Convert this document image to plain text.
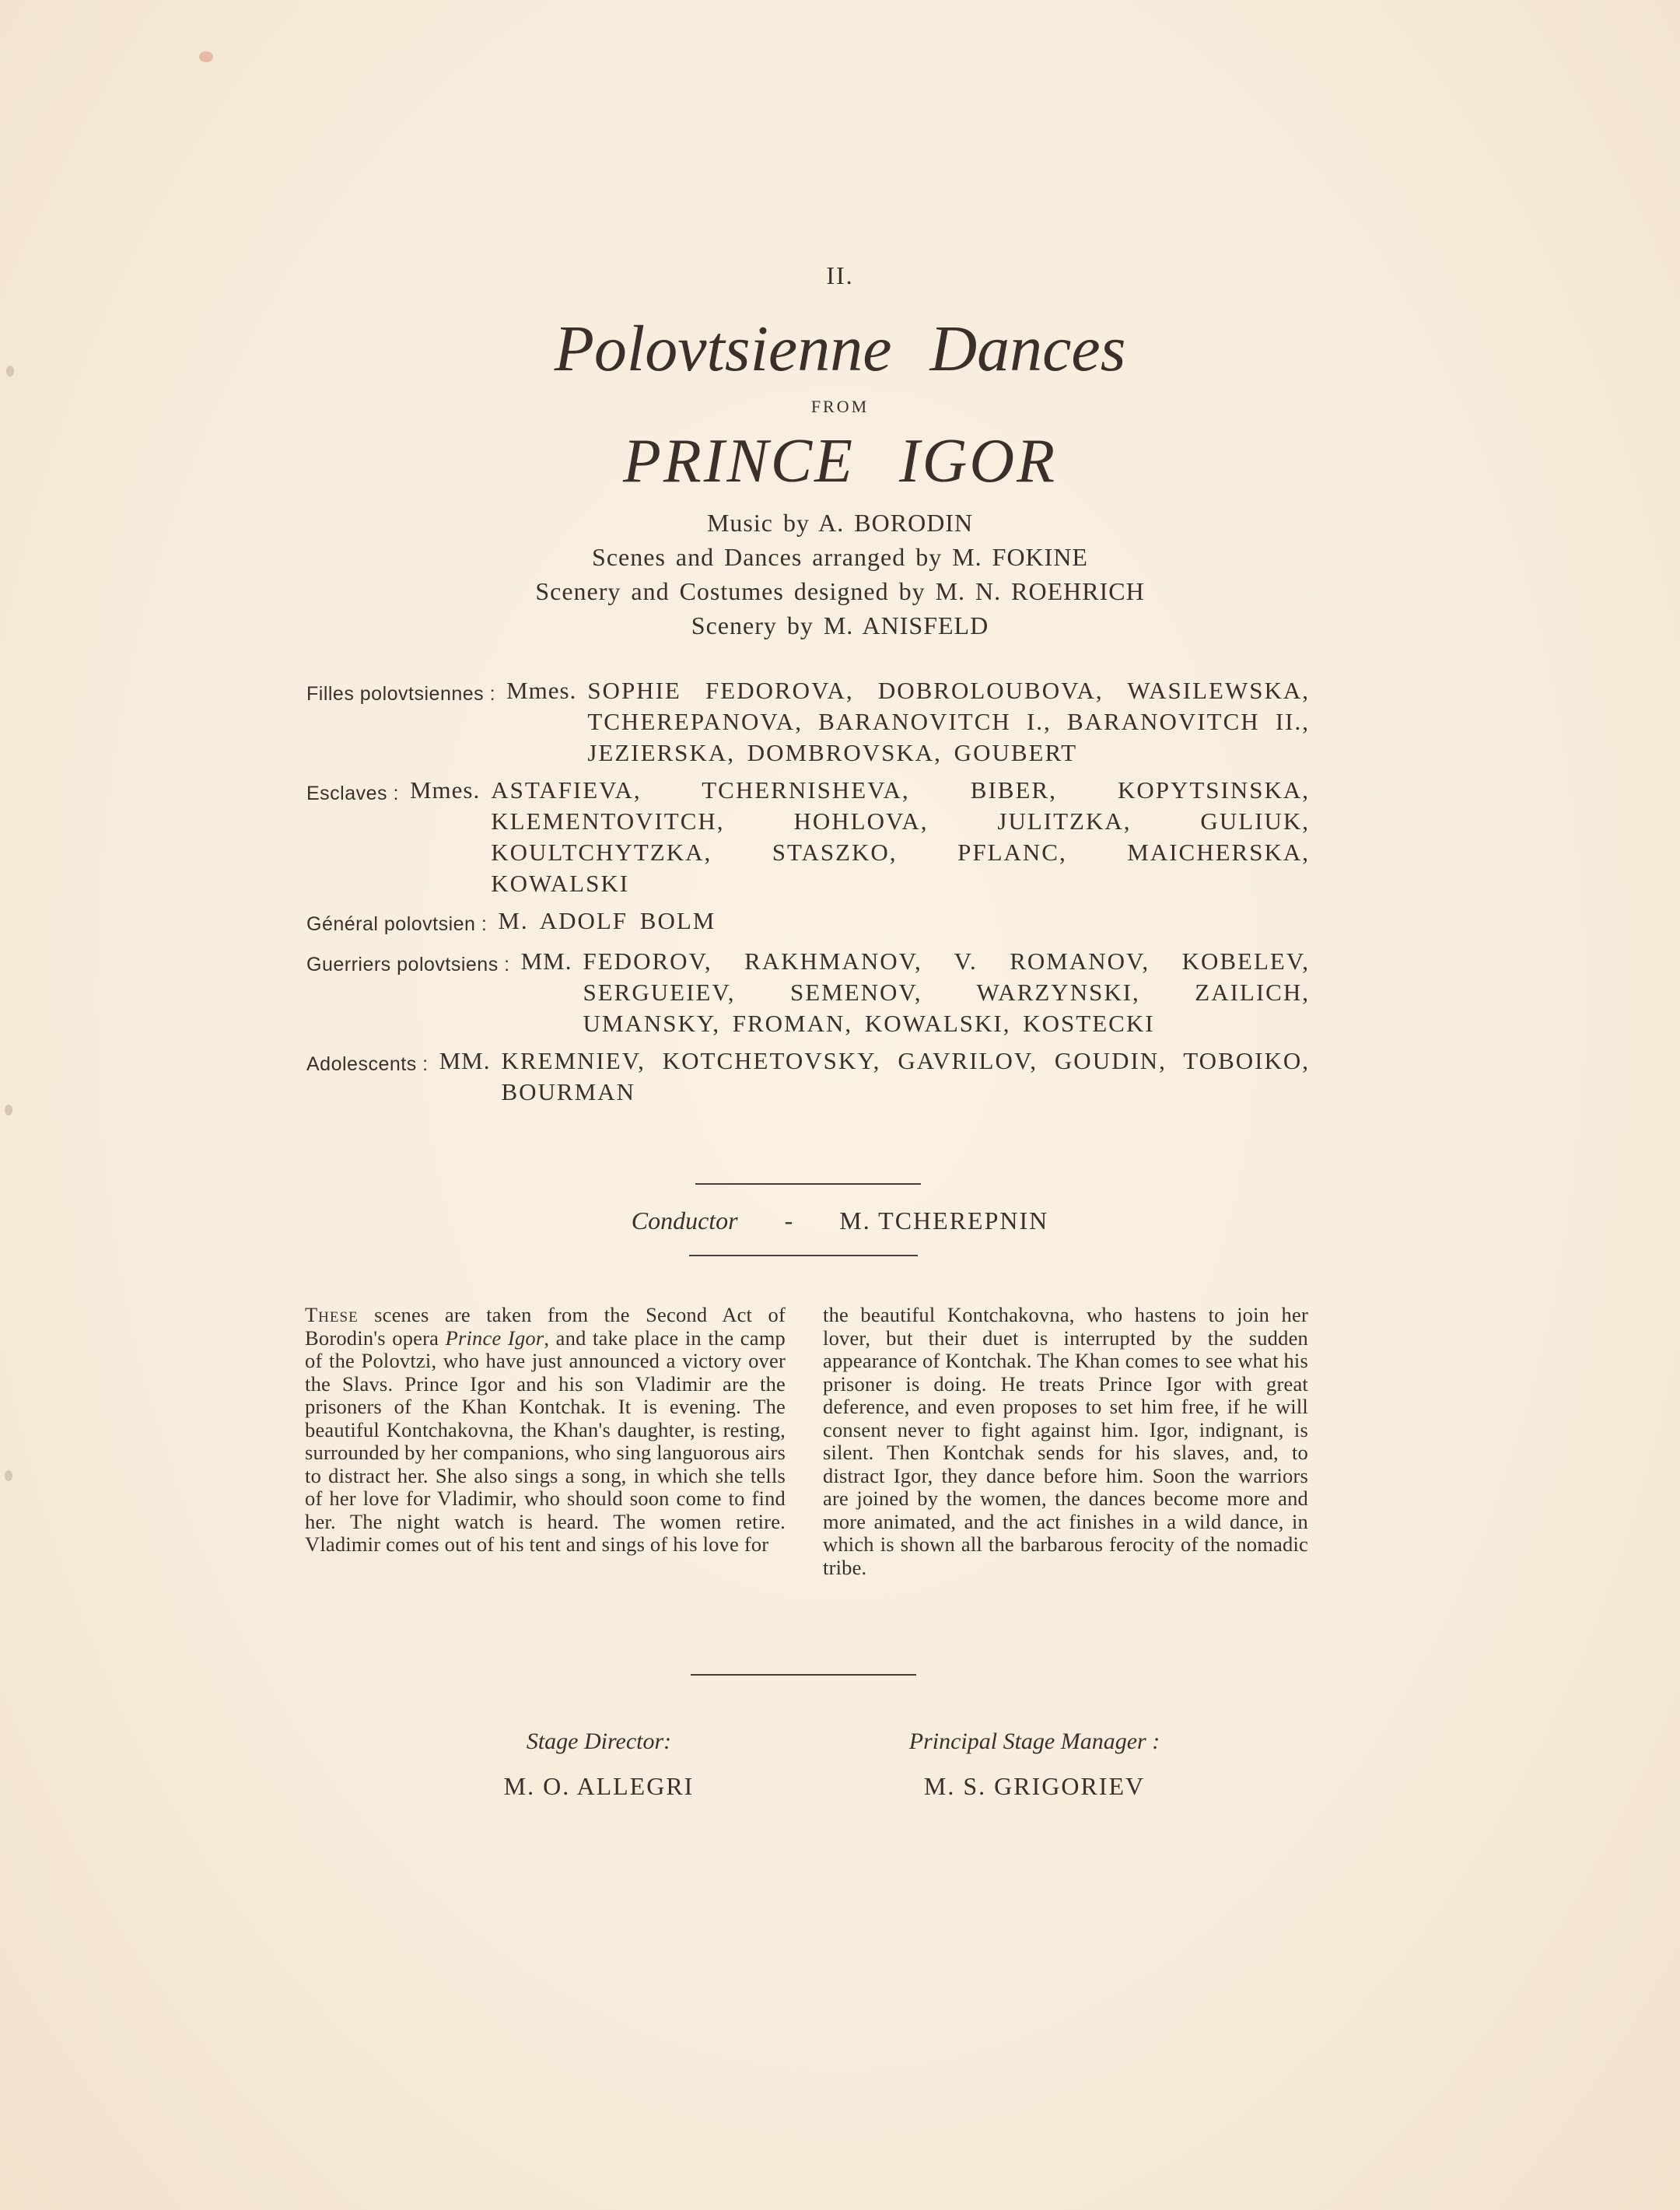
II.
Polovtsienne Dances
FROM
PRINCE IGOR
Music by A. BORODIN
Scenes and Dances arranged by M. FOKINE
Scenery and Costumes designed by M. N. ROEHRICH
Scenery by M. ANISFELD
Filles polovtsiennes : Mmes. SOPHIE FEDOROVA, DOBROLOUBOVA, WASILEWSKA, TCHEREPANOVA, BARANOVITCH I., BARANOVITCH II., JEZIERSKA, DOMBROVSKA, GOUBERT
Esclaves : Mmes. ASTAFIEVA, TCHERNISHEVA, BIBER, KOPYTSINSKA, KLEMENTOVITCH, HOHLOVA, JULITZKA, GULIUK, KOULTCHYTZKA, STASZKO, PFLANC, MAICHERSKA, KOWALSKI
Général polovtsien : M. ADOLF BOLM
Guerriers polovtsiens : MM. FEDOROV, RAKHMANOV, V. ROMANOV, KOBELEV, SERGUEIEV, SEMENOV, WARZYNSKI, ZAILICH, UMANSKY, FROMAN, KOWALSKI, KOSTECKI
Adolescents : MM. KREMNIEV, KOTCHETOVSKY, GAVRILOV, GOUDIN, TOBOIKO, BOURMAN
Conductor - M. TCHEREPNIN
These scenes are taken from the Second Act of Borodin's opera Prince Igor, and take place in the camp of the Polovtzi, who have just announced a victory over the Slavs. Prince Igor and his son Vladimir are the prisoners of the Khan Kontchak. It is evening. The beautiful Kontchakovna, the Khan's daughter, is resting, surrounded by her companions, who sing languorous airs to distract her. She also sings a song, in which she tells of her love for Vladimir, who should soon come to find her. The night watch is heard. The women retire. Vladimir comes out of his tent and sings of his love for
the beautiful Kontchakovna, who hastens to join her lover, but their duet is interrupted by the sudden appearance of Kontchak. The Khan comes to see what his prisoner is doing. He treats Prince Igor with great deference, and even proposes to set him free, if he will consent never to fight against him. Igor, indignant, is silent. Then Kontchak sends for his slaves, and, to distract Igor, they dance before him. Soon the warriors are joined by the women, the dances become more and more animated, and the act finishes in a wild dance, in which is shown all the barbarous ferocity of the nomadic tribe.
Stage Director:
M. O. ALLEGRI
Principal Stage Manager :
M. S. GRIGORIEV
